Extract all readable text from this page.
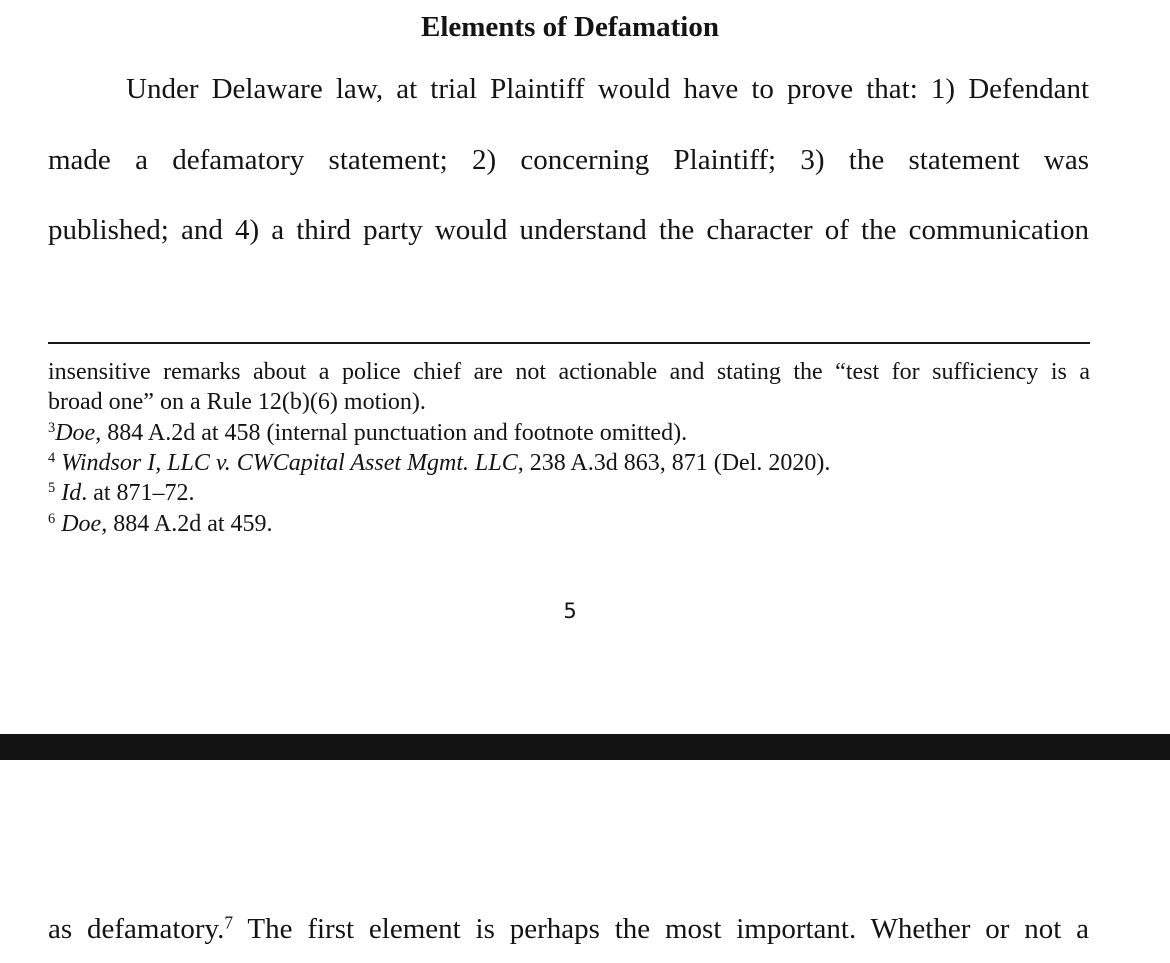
Elements of Defamation
Under Delaware law, at trial Plaintiff would have to prove that: 1) Defendant
made a defamatory statement; 2) concerning Plaintiff; 3) the statement was
published; and 4) a third party would understand the character of the communication
insensitive remarks about a police chief are not actionable and stating the “test for sufficiency is a
broad one” on a Rule 12(b)(6) motion).
$^3$Doe, 884 A.2d at 458 (internal punctuation and footnote omitted).
$^4$ Windsor I, LLC v. CWCapital Asset Mgmt. LLC, 238 A.3d 863, 871 (Del. 2020).
$^5$ Id. at 871–72.
$^6$ Doe, 884 A.2d at 459.
5
as defamatory.$^7$ The first element is perhaps the most important. Whether or not a
